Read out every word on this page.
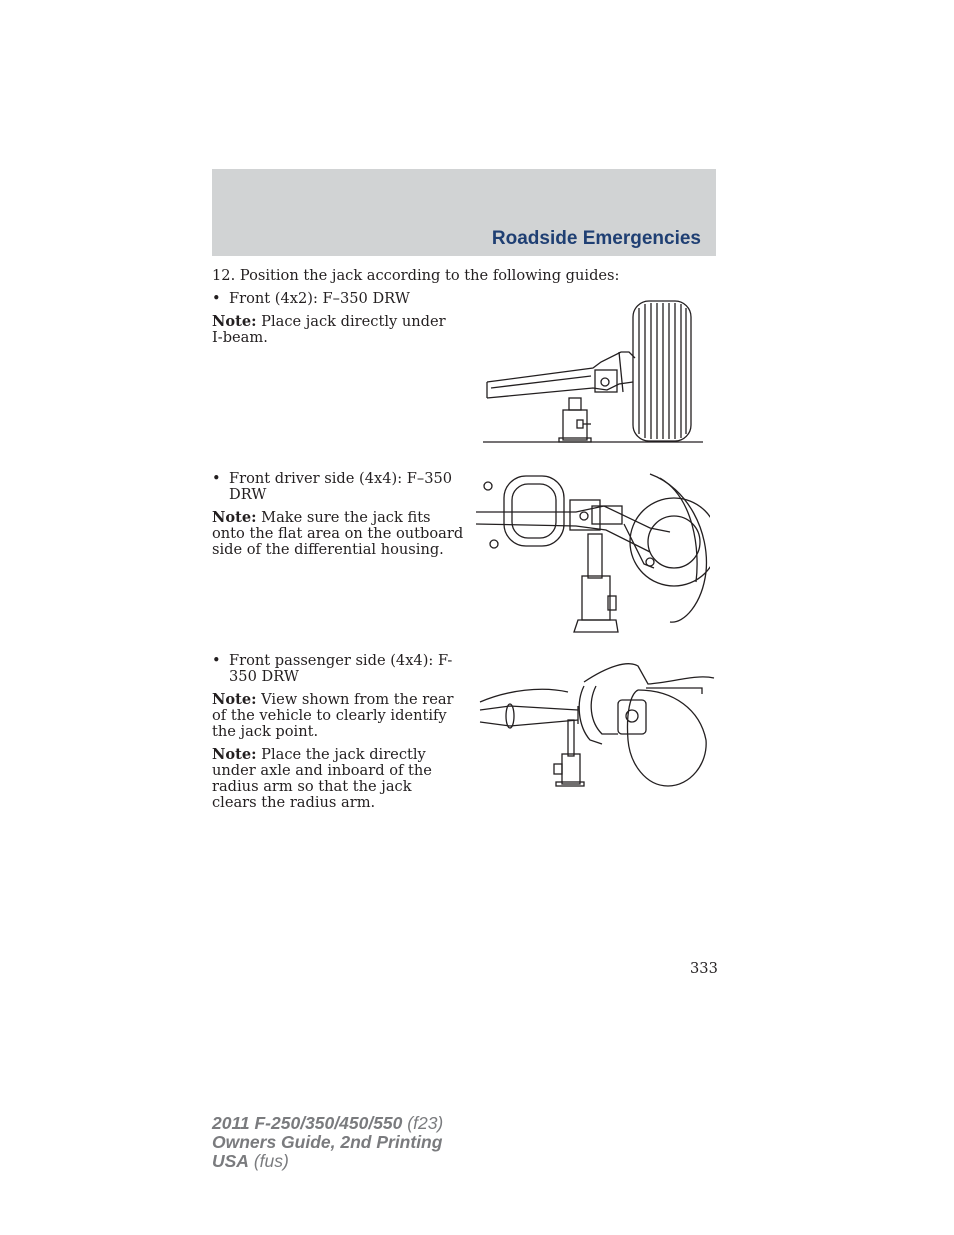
Roadside Emergencies

12. Position the jack according to the following guides:

• Front (4x2): F–350 DRW

Note: Place jack directly under I-beam.

• Front driver side (4x4): F–350 DRW

Note: Make sure the jack fits onto the flat area on the outboard side of the differential housing.

• Front passenger side (4x4): F-350 DRW

Note: View shown from the rear of the vehicle to clearly identify the jack point.

Note: Place the jack directly under axle and inboard of the radius arm so that the jack clears the radius arm.

333

2011 F-250/350/450/550 (f23)
Owners Guide, 2nd Printing
USA (fus)
